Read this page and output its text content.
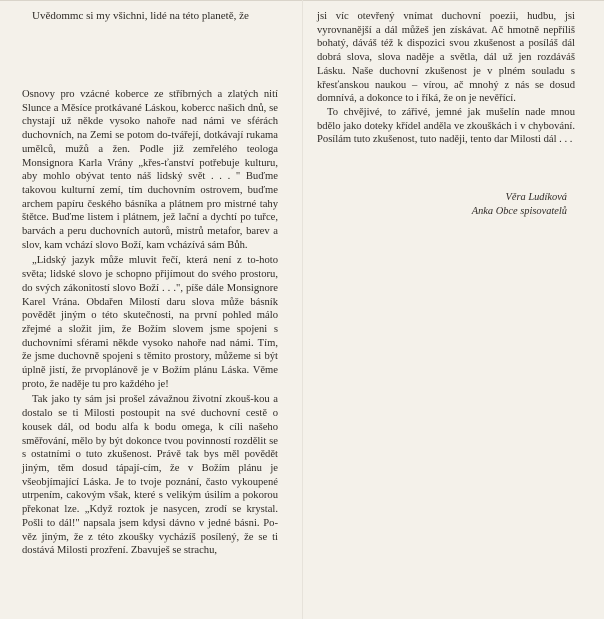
Uvědommc si my všichni, lidé na této planetě, že

Osnovy pro vzácné koberce ze stříbrných a zlatých nití Slunce a Měsíce protkávané Láskou, kobercc našich dnů, se chystají už někde vysoko nahoře nad námi ve sférách duchovních, na Zemi se potom do-tvářejí, dotkávají rukama umělců, mužů a žen. Podle již zemřelého teologa Monsignora Karla Vrány „křes-ťanství potřebuje kulturu, aby mohlo obývat tento náš lidský svět . . . " Buďme takovou kulturní zemí, tím duchovním ostrovem, buďme archem papíru českého básníka a plátnem pro mistrné tahy štětce. Buďme listem i plátnem, jež lační a dychtí po tuřce, barvách a peru duchovních autorů, mistrů metafor, barev a slov, kam vchází slovo Boží, kam vcházívá sám Bůh.

„Lidský jazyk může mluvit řečí, která není z to-hoto světa; lidské slovo je schopno přijímout do svého prostoru, do svých zákonitostí slovo Boží . . .", píše dále Monsignore Karel Vrána. Obdařen Milostí daru slova může básník povědět jiným o této skutečnosti, na první pohled málo zřejmé a složit jim, že Božím slovem jsme spojeni s duchovními sférami někde vysoko nahoře nad námi. Tím, že jsme duchovně spojeni s těmito prostory, můžeme si být úplně jistí, že prvoplánově je v Božím plánu Láska. Věme proto, že naděje tu pro každého je!

Tak jako ty sám jsi prošel závažnou životní zkouš-kou a dostalo se ti Milosti postoupit na své duchovní cestě o kousek dál, od bodu alfa k bodu omega, k cíli našeho směřování, mělo by být dokonce tvou povinností rozdělit se s ostatními o tuto zkušenost. Právě tak bys měl povědět jiným, těm dosud tápají-cím, že v Božím plánu je všeobjímající Láska. Je to tvoje poznání, často vykoupené utrpením, cakovým však, které s velikým úsilím a pokorou překonat lze. „Když roztok je nasycen, zrodí se krystal. Pošli to dál!" napsala jsem kdysi dávno v jedné básni. Po-věz jiným, že z této zkoušky vycházíš posílený, že se ti dostává Milosti prozření. Zbavuješ se strachu,

jsi víc otevřený vnímat duchovní poezii, hudbu, jsi vyrovnanější a dál můžeš jen získávat. Ač hmotně nepříliš bohatý, dáváš též k dispozici svou zkušenost a posíláš dál dobrá slova, slova naděje a světla, dál už jen rozdáváš Lásku. Naše duchovní zkušenost je v plném souladu s křesťanskou naukou – vírou, ač mnohý z nás se dosud domnívá, a dokonce to i říká, že on je nevěřící.

To chvějivé, to zářivé, jemné jak mušelín nade mnou bdělo jako doteky křídel anděla ve zkouškách i v chybování. Posílám tuto zkušenost, tuto naději, tento dar Milosti dál . . .

Věra Ludíková
Anka Obce spisovatelů
